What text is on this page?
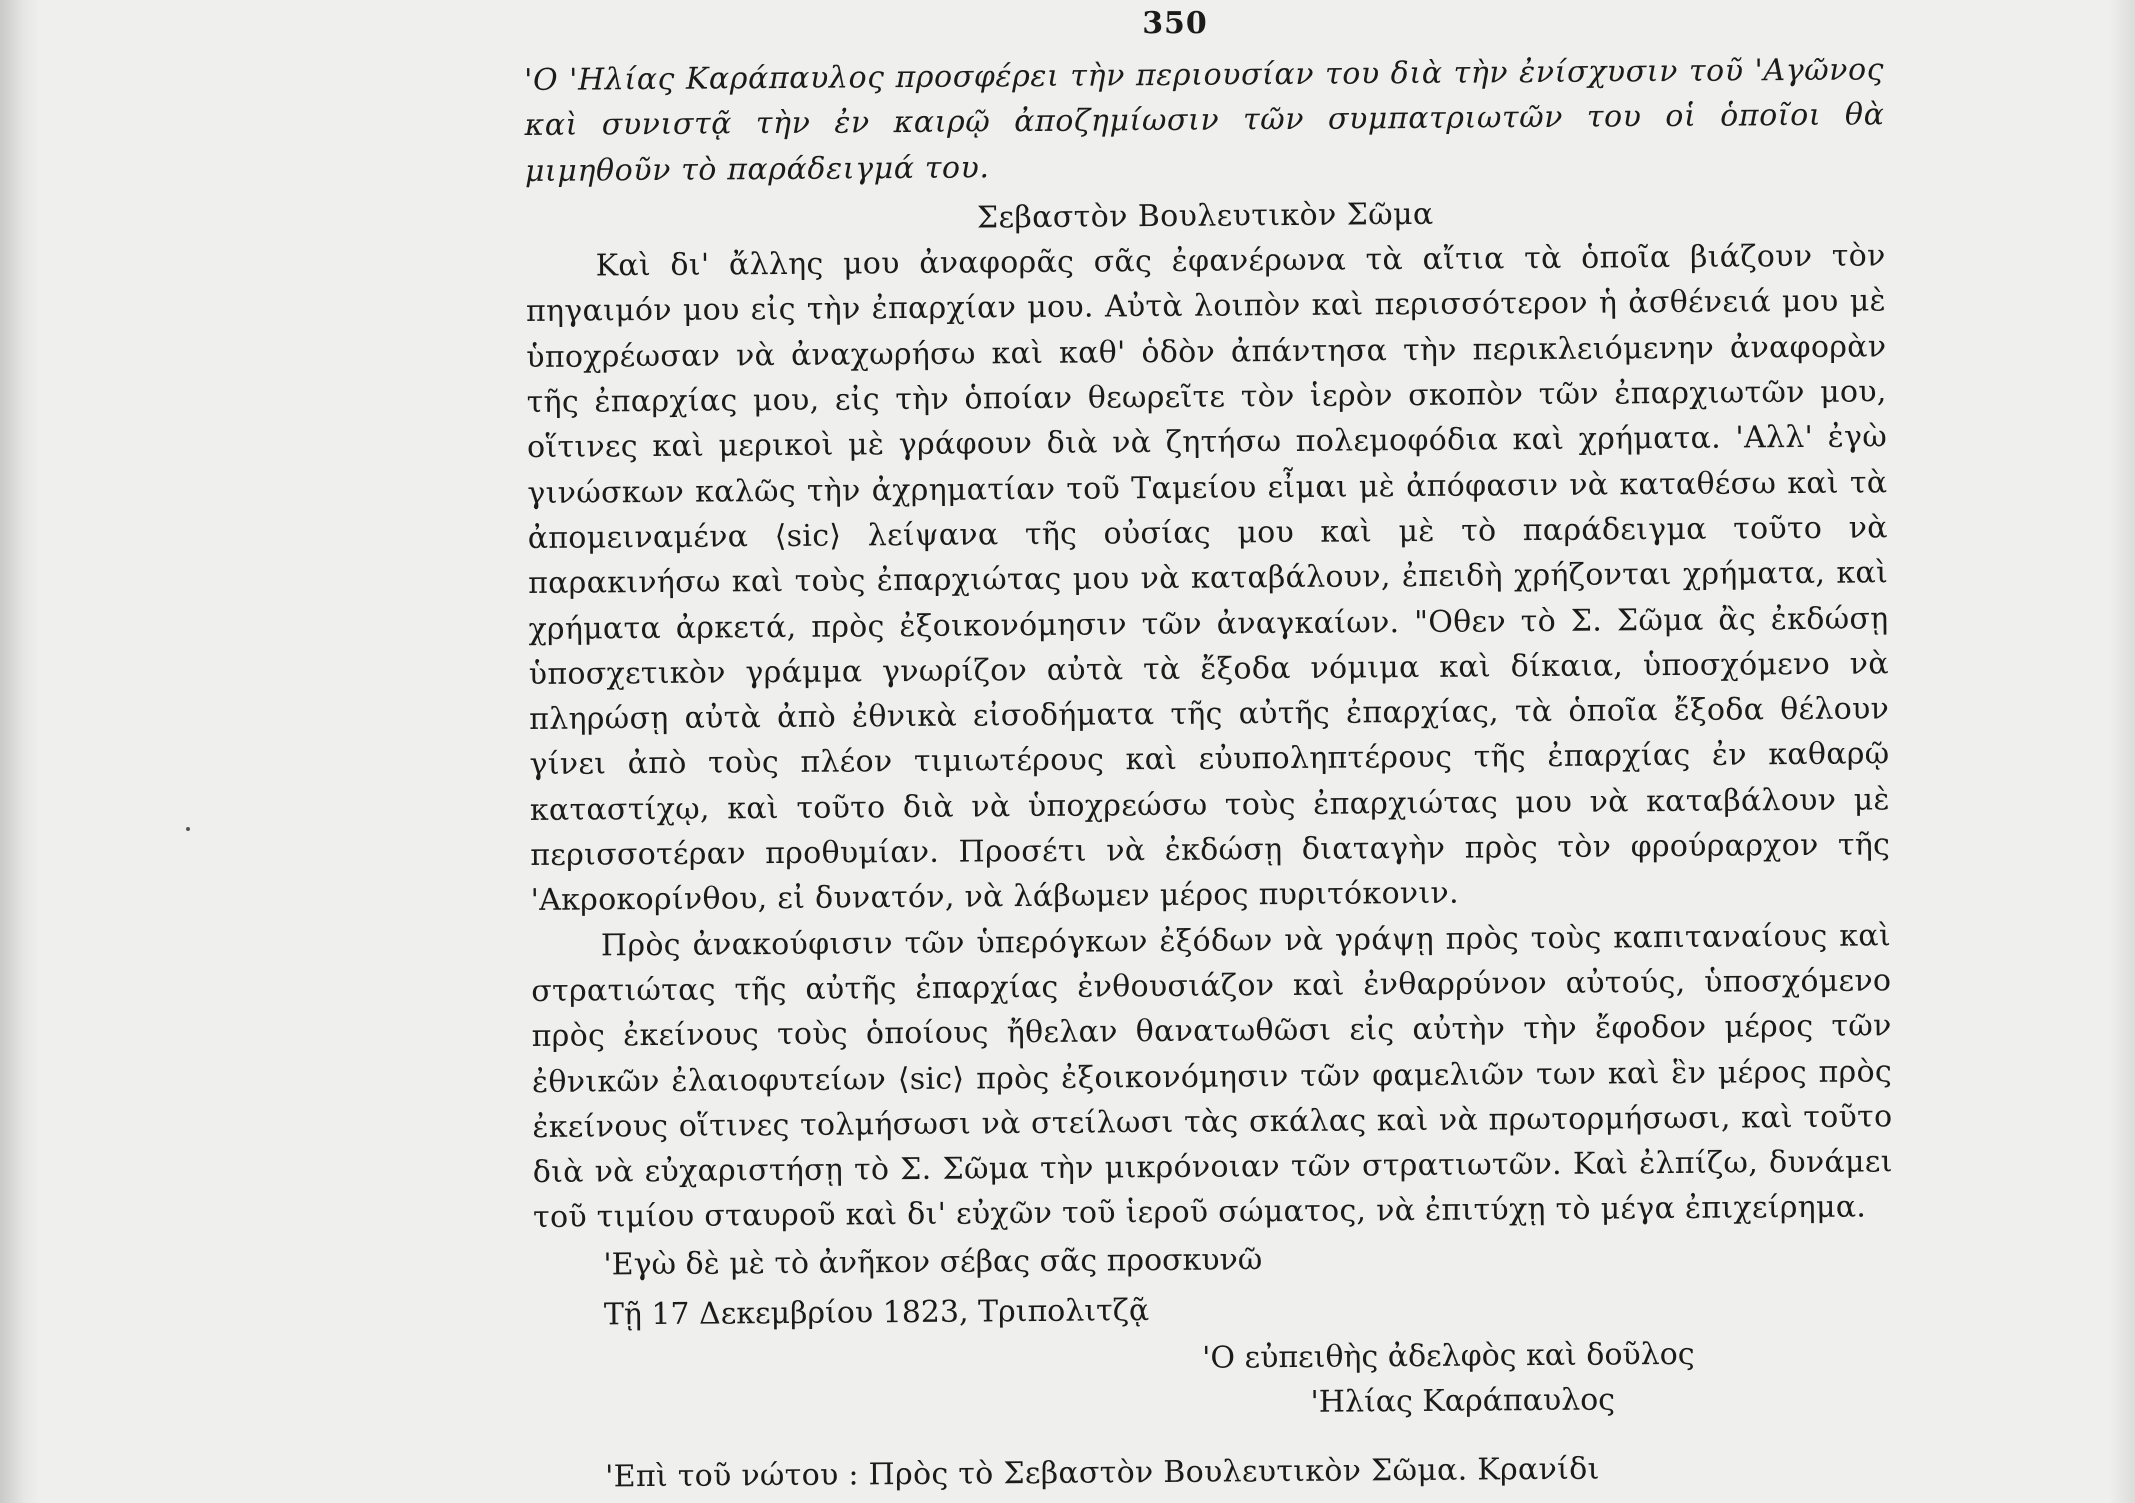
350

'Ο 'Ηλίας Καράπαυλος προσφέρει τὴν περιουσίαν του διὰ τὴν ἐνίσχυσιν τοῦ 'Αγῶνος καὶ συνιστᾷ τὴν ἐν καιρῷ ἀποζημίωσιν τῶν συμπατριωτῶν του οἱ ὁποῖοι θὰ μιμηθοῦν τὸ παράδειγμά του.

Σεβαστὸν Βουλευτικὸν Σῶμα

Καὶ δι' ἄλλης μου ἀναφορᾶς σᾶς ἐφανέρωνα τὰ αἴτια τὰ ὁποῖα βιάζουν τὸν πηγαιμόν μου εἰς τὴν ἐπαρχίαν μου. Αὐτὰ λοιπὸν καὶ περισσότερον ἡ ἀσθένειά μου μὲ ὑποχρέωσαν νὰ ἀναχωρήσω καὶ καθ' ὁδὸν ἀπάντησα τὴν περικλειόμενην ἀναφορὰν τῆς ἐπαρχίας μου, εἰς τὴν ὁποίαν θεωρεῖτε τὸν ἱερὸν σκοπὸν τῶν ἐπαρχιωτῶν μου, οἵτινες καὶ μερικοὶ μὲ γράφουν διὰ νὰ ζητήσω πολεμοφόδια καὶ χρήματα. 'Αλλ' ἐγὼ γινώσκων καλῶς τὴν ἀχρηματίαν τοῦ Ταμείου εἶμαι μὲ ἀπόφασιν νὰ καταθέσω καὶ τὰ ἀπομειναμένα ⟨sic⟩ λείψανα τῆς οὐσίας μου καὶ μὲ τὸ παράδειγμα τοῦτο νὰ παρακινήσω καὶ τοὺς ἐπαρχιώτας μου νὰ καταβάλουν, ἐπειδὴ χρήζονται χρήματα, καὶ χρήματα ἀρκετά, πρὸς ἐξοικονόμησιν τῶν ἀναγκαίων. "Οθεν τὸ Σ. Σῶμα ἂς ἐκδώσῃ ὑποσχετικὸν γράμμα γνωρίζον αὐτὰ τὰ ἔξοδα νόμιμα καὶ δίκαια, ὑποσχόμενο νὰ πληρώσῃ αὐτὰ ἀπὸ ἐθνικὰ εἰσοδήματα τῆς αὐτῆς ἐπαρχίας, τὰ ὁποῖα ἔξοδα θέλουν γίνει ἀπὸ τοὺς πλέον τιμιωτέρους καὶ εὐυποληπτέρους τῆς ἐπαρχίας ἐν καθαρῷ καταστίχῳ, καὶ τοῦτο διὰ νὰ ὑποχρεώσω τοὺς ἐπαρχιώτας μου νὰ καταβάλουν μὲ περισσοτέραν προθυμίαν. Προσέτι νὰ ἐκδώσῃ διαταγὴν πρὸς τὸν φρούραρχον τῆς 'Ακροκορίνθου, εἰ δυνατόν, νὰ λάβωμεν μέρος πυριτόκονιν.

Πρὸς ἀνακούφισιν τῶν ὑπερόγκων ἐξόδων νὰ γράψῃ πρὸς τοὺς καπιταναίους καὶ στρατιώτας τῆς αὐτῆς ἐπαρχίας ἐνθουσιάζον καὶ ἐνθαρρύνον αὐτούς, ὑποσχόμενο πρὸς ἐκείνους τοὺς ὁποίους ἤθελαν θανατωθῶσι εἰς αὐτὴν τὴν ἔφοδον μέρος τῶν ἐθνικῶν ἐλαιοφυτείων ⟨sic⟩ πρὸς ἐξοικονόμησιν τῶν φαμελιῶν των καὶ ἓν μέρος πρὸς ἐκείνους οἵτινες τολμήσωσι νὰ στείλωσι τὰς σκάλας καὶ νὰ πρωτορμήσωσι, καὶ τοῦτο διὰ νὰ εὐχαριστήσῃ τὸ Σ. Σῶμα τὴν μικρόνοιαν τῶν στρατιωτῶν. Καὶ ἐλπίζω, δυνάμει τοῦ τιμίου σταυροῦ καὶ δι' εὐχῶν τοῦ ἱεροῦ σώματος, νὰ ἐπιτύχῃ τὸ μέγα ἐπιχείρημα.

'Εγὼ δὲ μὲ τὸ ἀνῆκον σέβας σᾶς προσκυνῶ

Τῇ 17 Δεκεμβρίου 1823, Τριπολιτζᾷ

'Ο εὐπειθὴς ἀδελφὸς καὶ δοῦλος

'Ηλίας Καράπαυλος

'Επὶ τοῦ νώτου : Πρὸς τὸ Σεβαστὸν Βουλευτικὸν Σῶμα. Κρανίδι
